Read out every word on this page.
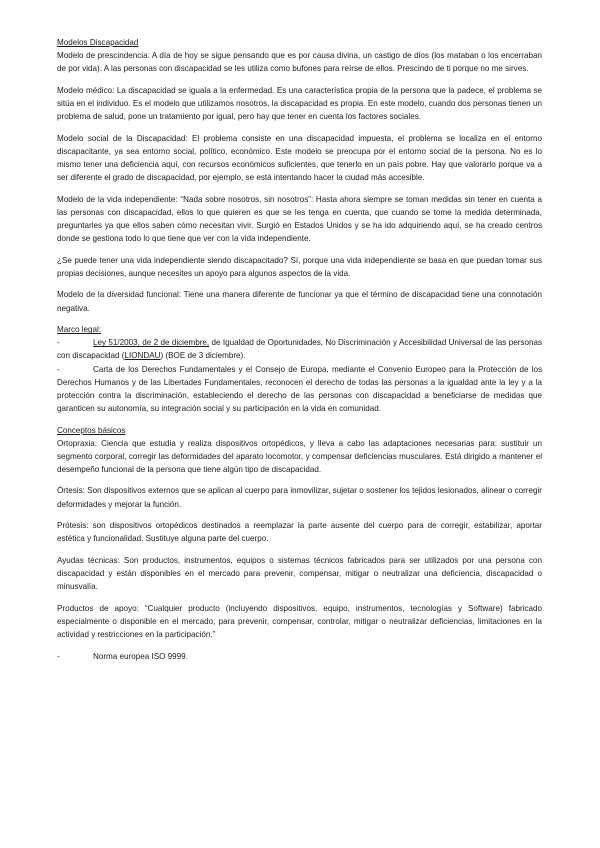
Modelos Discapacidad

Modelo de prescindencia: A día de hoy se sigue pensando que es por causa divina, un castigo de dios (los mataban o los encerraban de por vida). A las personas con discapacidad se les utiliza como bufones para reírse de ellos. Prescindo de ti porque no me sirves.

Modelo médico: La discapacidad se iguala a la enfermedad. Es una característica propia de la persona que la padece, el problema se sitúa en el individuo. Es el modelo que utilizamos nosotros, la discapacidad es propia. En este modelo, cuando dos personas tienen un problema de salud, pone un tratamiento por igual, pero hay que tener en cuenta los factores sociales.

Modelo social de la Discapacidad: El problema consiste en una discapacidad impuesta, el problema se localiza en el entorno discapacitante, ya sea entorno social, político, económico. Este modelo se preocupa por el entorno social de la persona. No es lo mismo tener una deficiencia aquí, con recursos económicos suficientes, que tenerlo en un país pobre. Hay que valorarlo porque va a ser diferente el grado de discapacidad, por ejemplo, se está intentando hacer la ciudad más accesible.

Modelo de la vida independiente: “Nada sobre nosotros, sin nosotros”: Hasta ahora siempre se toman medidas sin tener en cuenta a las personas con discapacidad, ellos lo que quieren es que se les tenga en cuenta, que cuando se tome la medida determinada, preguntarles ya que ellos saben cómo necesitan vivir. Surgió en Estados Unidos y se ha ido adquiriendo aquí, se ha creado centros donde se gestiona todo lo que tiene que ver con la vida independiente.

¿Se puede tener una vida independiente siendo discapacitado? Sí, porque una vida independiente se basa en que puedan tomar sus propias decisiones, aunque necesites un apoyo para algunos aspectos de la vida.

Modelo de la diversidad funcional: Tiene una manera diferente de funcionar ya que el término de discapacidad tiene una connotación negativa.

Marco legal:

-	Ley 51/2003, de 2 de diciembre, de Igualdad de Oportunidades, No Discriminación y Accesibilidad Universal de las personas con discapacidad (LIONDAU) (BOE de 3 diciembre).

-	Carta de los Derechos Fundamentales y el Consejo de Europa, mediante el Convenio Europeo para la Protección de los Derechos Humanos y de las Libertades Fundamentales, reconocen el derecho de todas las personas a la igualdad ante la ley y a la protección contra la discriminación, estableciendo el derecho de las personas con discapacidad a beneficiarse de medidas que garanticen su autonomía, su integración social y su participación en la vida en comunidad.

Conceptos básicos

Ortopraxia: Ciencia que estudia y realiza dispositivos ortopédicos, y lleva a cabo las adaptaciones necesarias para: sustituir un segmento corporal, corregir las deformidades del aparato locomotor, y compensar deficiencias musculares. Está dirigido a mantener el desempeño funcional de la persona que tiene algún tipo de discapacidad.

Órtesis: Son dispositivos externos que se aplican al cuerpo para inmovilizar, sujetar o sostener los tejidos lesionados, alinear o corregir deformidades y mejorar la función.

Prótesis: son dispositivos ortopédicos destinados a reemplazar la parte ausente del cuerpo para de corregir, estabilizar, aportar estética y funcionalidad. Sustituye alguna parte del cuerpo.

Ayudas técnicas: Son productos, instrumentos, equipos o sistemas técnicos fabricados para ser utilizados por una persona con discapacidad y están disponibles en el mercado para prevenir, compensar, mitigar o neutralizar una deficiencia, discapacidad o minusvalía.

Productos de apoyo: “Cualquier producto (incluyendo dispositivos, equipo, instrumentos, tecnologías y Software) fabricado especialmente o disponible en el mercado, para prevenir, compensar, controlar, mitigar o neutralizar deficiencias, limitaciones en la actividad y restricciones en la participación.”

-	Norma europea ISO 9999.
